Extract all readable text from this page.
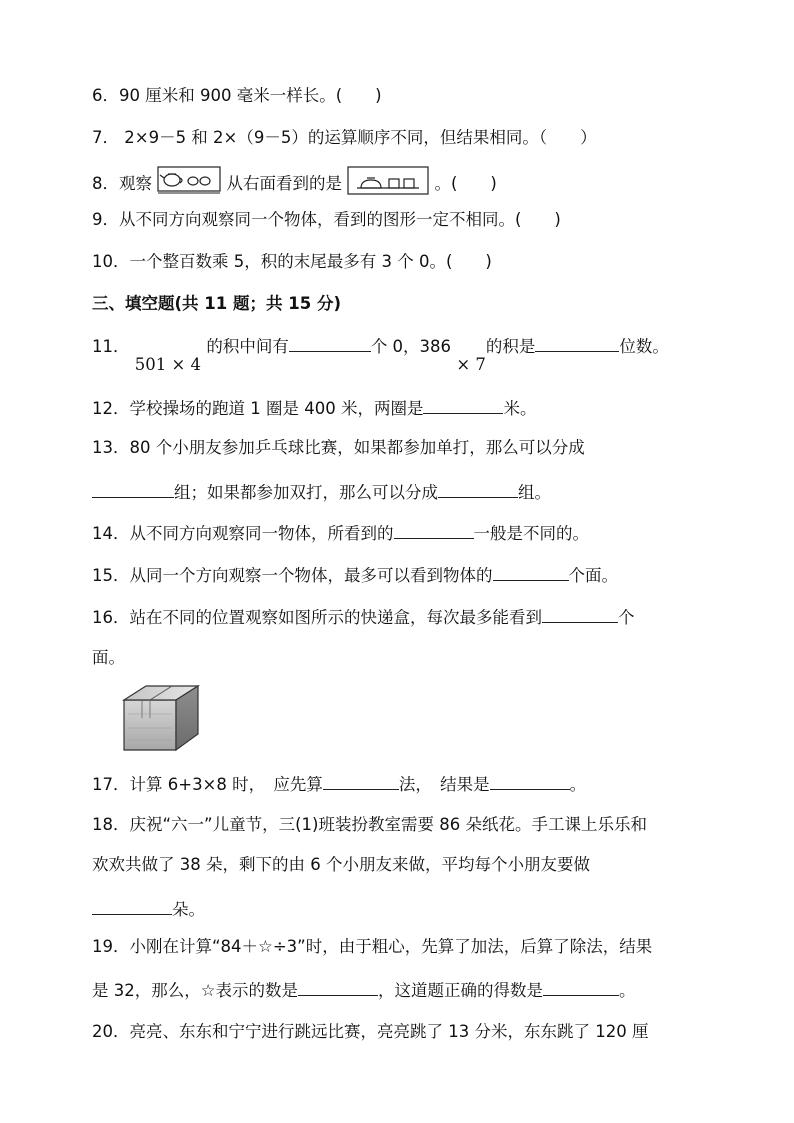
6．90 厘米和 900 毫米一样长。(　　)
7． 2×9－5 和 2×（9－5）的运算顺序不同，但结果相同。（　　）
8．观察	从右面看到的是	。(　　)
9．从不同方向观察同一个物体，看到的图形一定不相同。(　　)
10．一个整百数乘 5，积的末尾最多有 3 个 0。(　　)
三、填空题(共 11 题；共 15 分)
11． 501 × 4 的积中间有	个 0，386 × 7的积是	位数。
12．学校操场的跑道 1 圈是 400 米，两圈是	米。
13．80 个小朋友参加乒乓球比赛，如果都参加单打，那么可以分成
组；如果都参加双打，那么可以分成	组。
14．从不同方向观察同一物体，所看到的	一般是不同的。
15．从同一个方向观察一个物体，最多可以看到物体的	个面。
16．站在不同的位置观察如图所示的快递盒，每次最多能看到	个
面。
17．计算 6+3×8 时，　应先算	法，　结果是	。
18．庆祝“六一”儿童节，三(1)班装扮教室需要 86 朵纸花。手工课上乐乐和
欢欢共做了 38 朵，剩下的由 6 个小朋友来做，平均每个小朋友要做
朵。
19．小刚在计算“84＋☆÷3”时，由于粗心，先算了加法，后算了除法，结果
是 32，那么，☆表示的数是	，这道题正确的得数是	。
20．亮亮、东东和宁宁进行跳远比赛，亮亮跳了 13 分米，东东跳了 120 厘
